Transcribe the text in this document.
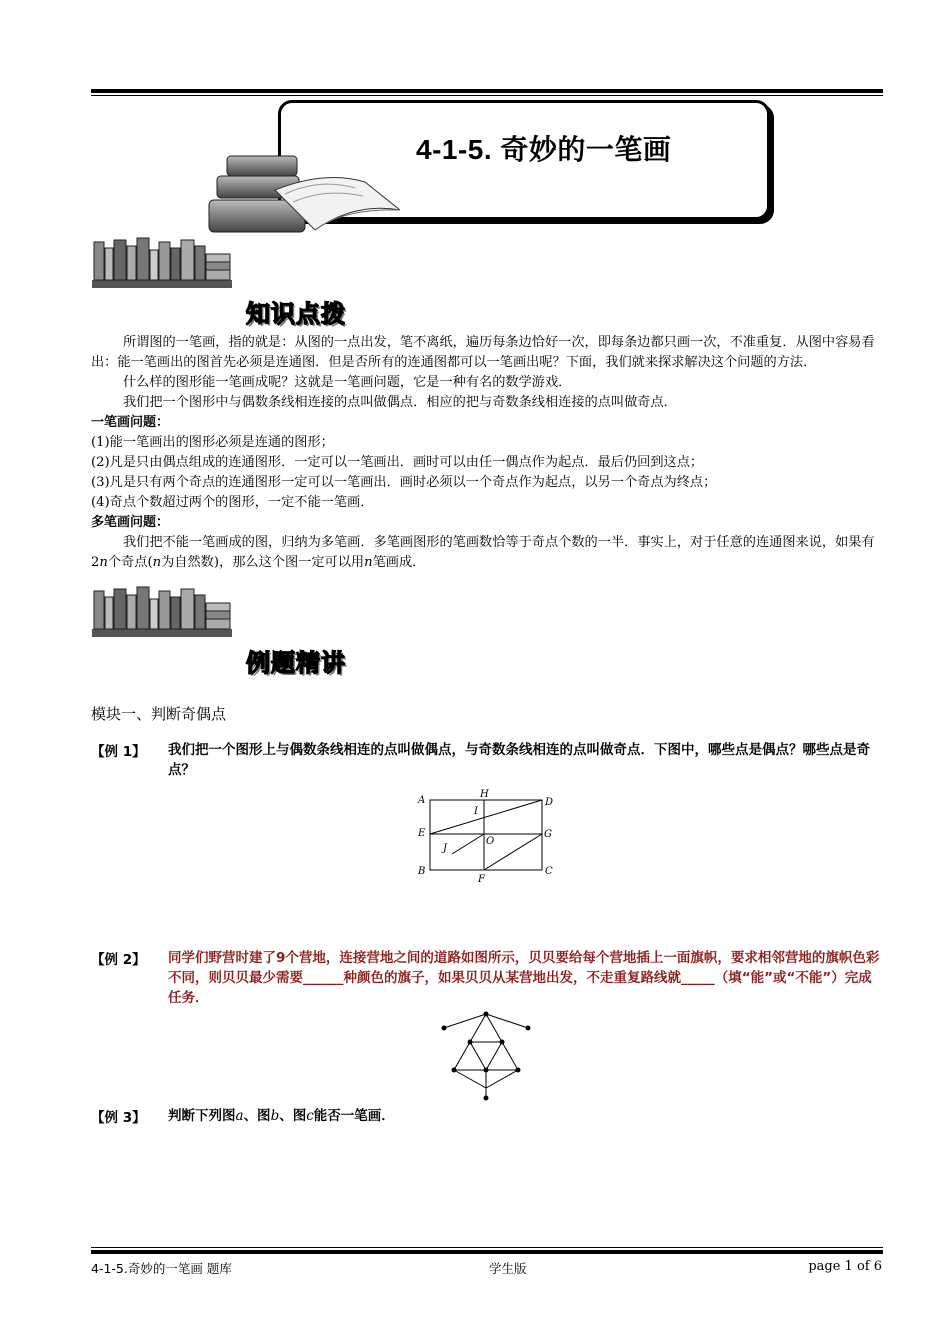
4-1-5. 奇妙的一笔画
知识点拨

所谓图的一笔画，指的就是：从图的一点出发，笔不离纸，遍历每条边恰好一次，即每条边都只画一次，不准重复．从图中容易看出：能一笔画出的图首先必须是连通图．但是否所有的连通图都可以一笔画出呢？下面，我们就来探求解决这个问题的方法．

什么样的图形能一笔画成呢？这就是一笔画问题，它是一种有名的数学游戏．

我们把一个图形中与偶数条线相连接的点叫做偶点．相应的把与奇数条线相连接的点叫做奇点．

一笔画问题：

(1)能一笔画出的图形必须是连通的图形；

(2)凡是只由偶点组成的连通图形．一定可以一笔画出．画时可以由任一偶点作为起点．最后仍回到这点；

(3)凡是只有两个奇点的连通图形一定可以一笔画出．画时必须以一个奇点作为起点，以另一个奇点为终点；

(4)奇点个数超过两个的图形，一定不能一笔画．

多笔画问题：

我们把不能一笔画成的图，归纳为多笔画．多笔画图形的笔画数恰等于奇点个数的一半．事实上，对于任意的连通图来说，如果有2n个奇点(n为自然数)，那么这个图一定可以用n笔画成．

例题精讲
模块一、判断奇偶点
【例 1】 我们把一个图形上与偶数条线相连的点叫做偶点，与奇数条线相连的点叫做奇点．下图中，哪些点是偶点？哪些点是奇点？
A
H
D
I
E
O
G
J
B
F
C
【例 2】 同学们野营时建了9个营地，连接营地之间的道路如图所示，贝贝要给每个营地插上一面旗帜，要求相邻营地的旗帜色彩不同，则贝贝最少需要______种颜色的旗子，如果贝贝从某营地出发，不走重复路线就_____（填“能”或“不能”）完成任务．
【例 3】 判断下列图a、图b、图c能否一笔画．
4-1-5.奇妙的一笔画 题库	学生版	page 1 of 6
